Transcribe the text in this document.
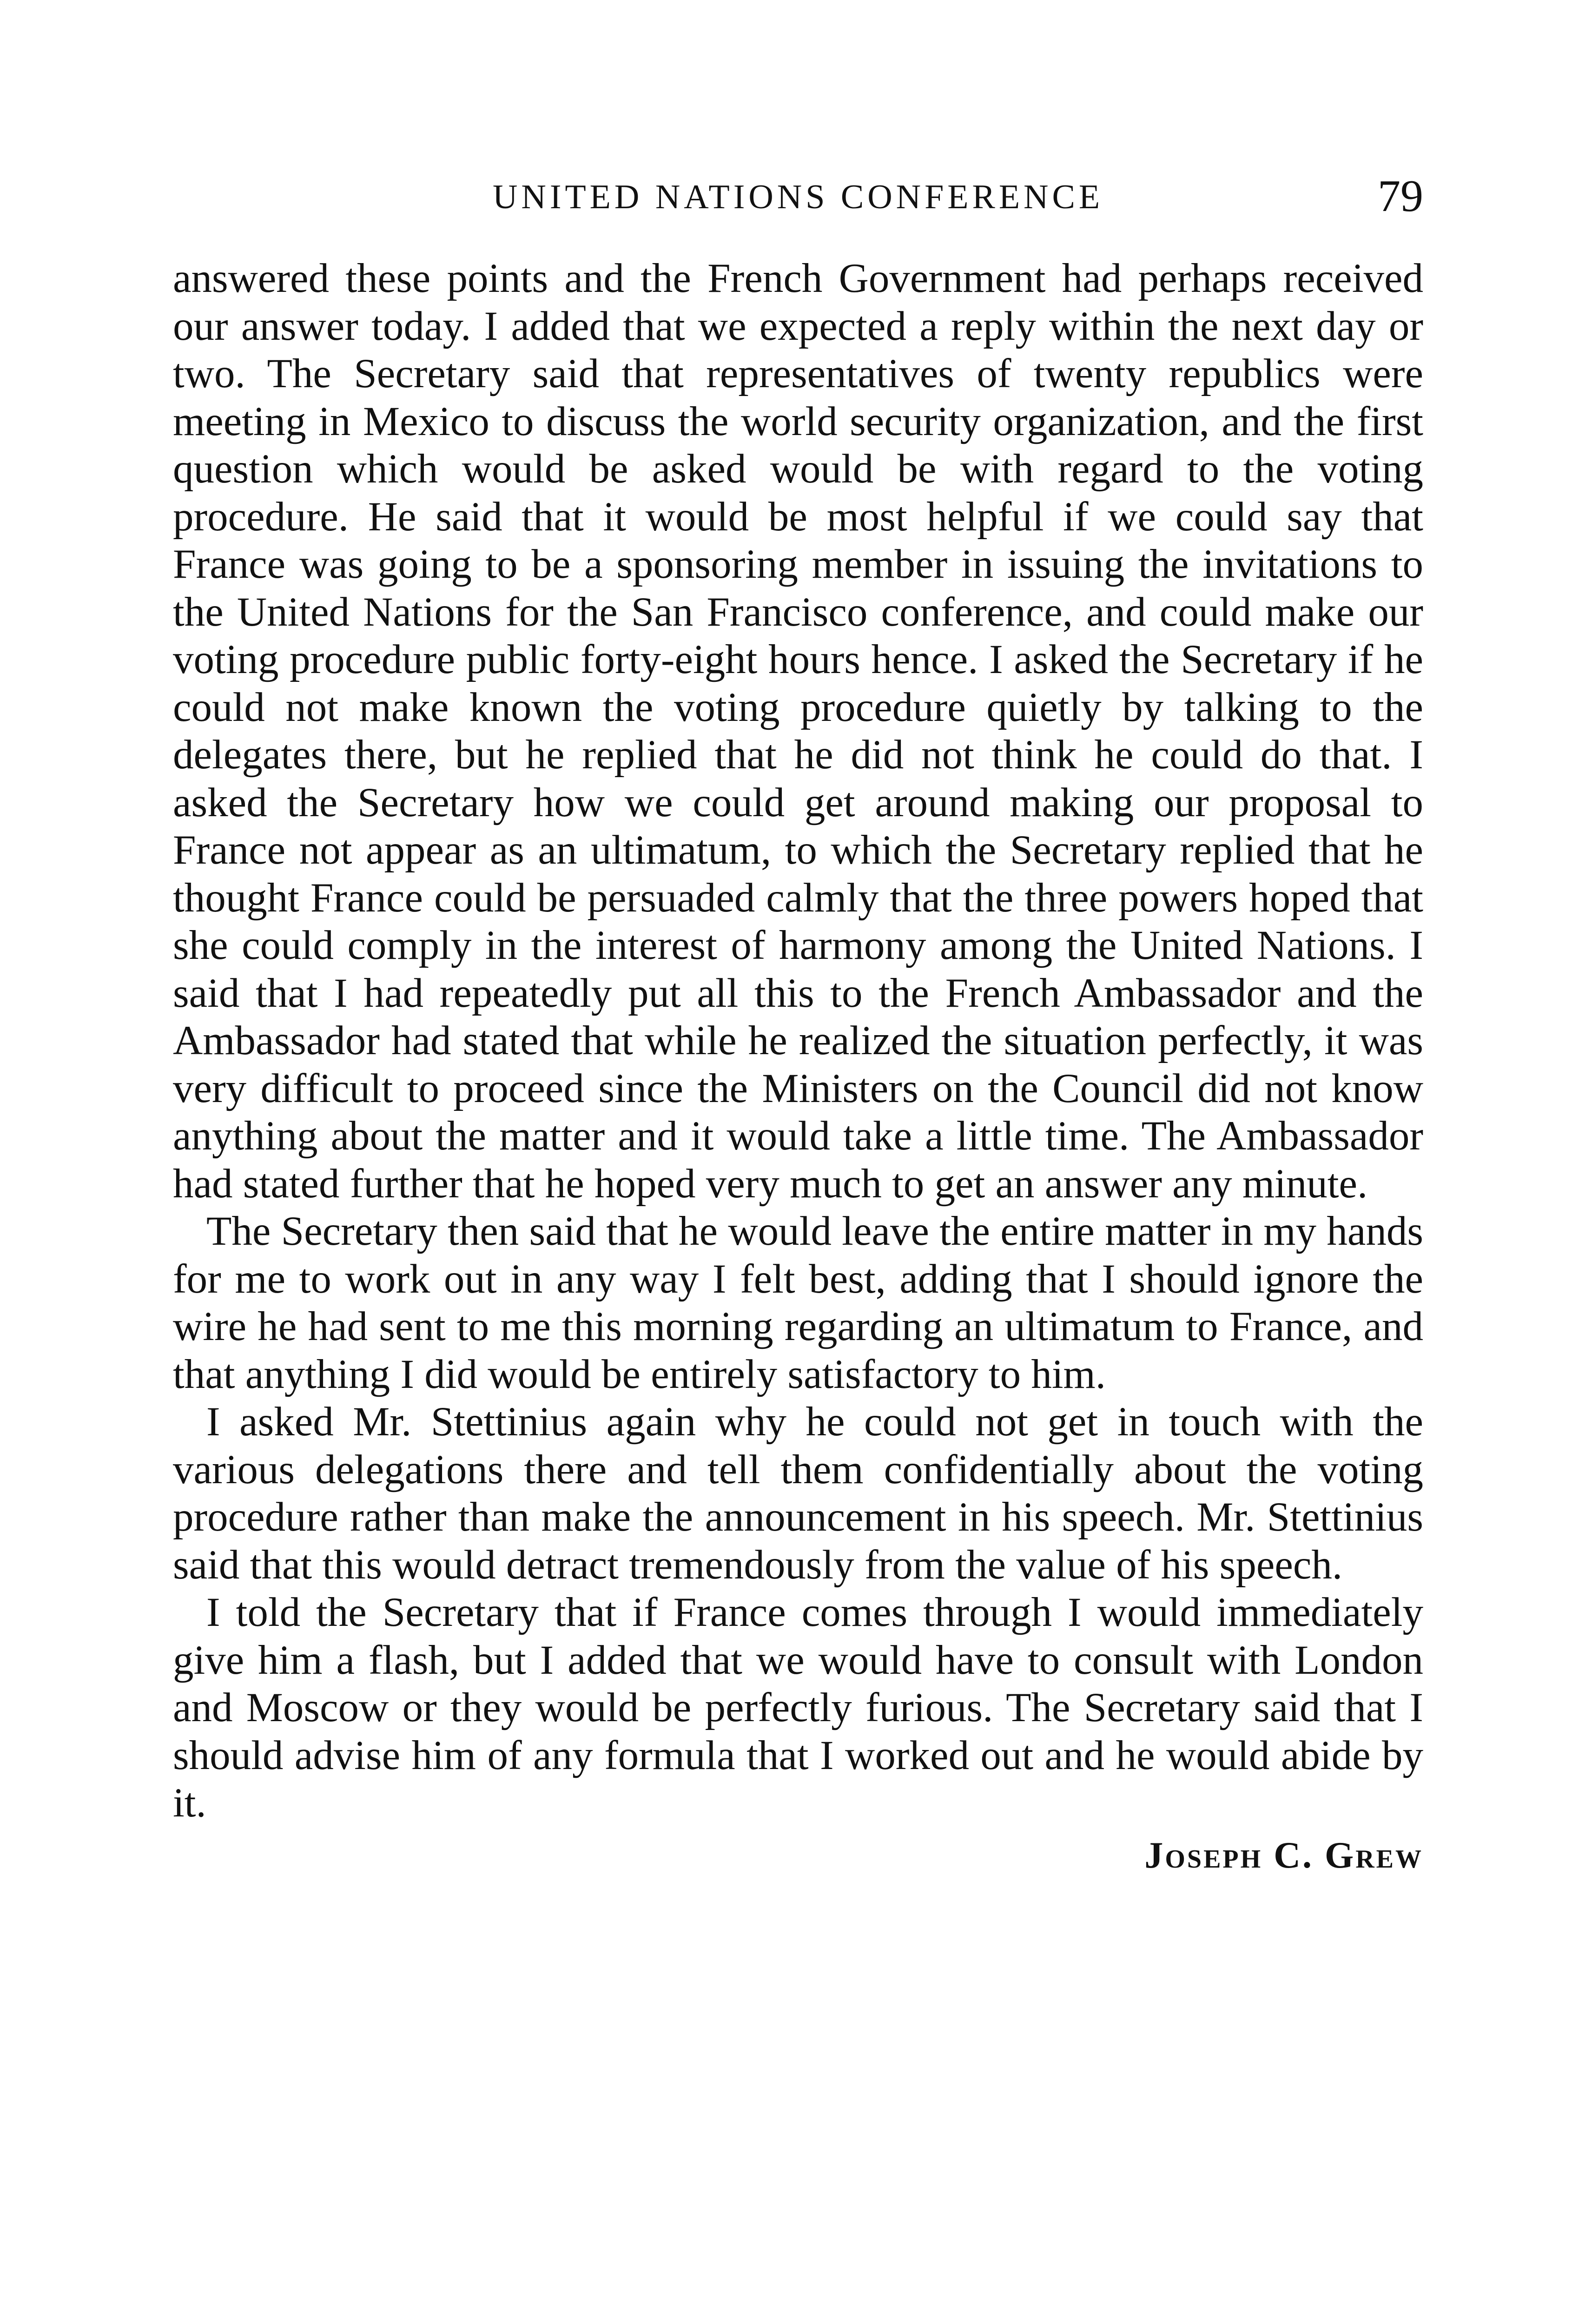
UNITED NATIONS CONFERENCE	79

answered these points and the French Government had perhaps received our answer today. I added that we expected a reply within the next day or two. The Secretary said that representatives of twenty republics were meeting in Mexico to discuss the world security organization, and the first question which would be asked would be with regard to the voting procedure. He said that it would be most helpful if we could say that France was going to be a sponsoring member in issuing the invitations to the United Nations for the San Francisco conference, and could make our voting procedure public forty-eight hours hence. I asked the Secretary if he could not make known the voting procedure quietly by talking to the delegates there, but he replied that he did not think he could do that. I asked the Secretary how we could get around making our proposal to France not appear as an ultimatum, to which the Secretary replied that he thought France could be persuaded calmly that the three powers hoped that she could comply in the interest of harmony among the United Nations. I said that I had repeatedly put all this to the French Ambassador and the Ambassador had stated that while he realized the situation perfectly, it was very difficult to proceed since the Ministers on the Council did not know anything about the matter and it would take a little time. The Ambassador had stated further that he hoped very much to get an answer any minute.

The Secretary then said that he would leave the entire matter in my hands for me to work out in any way I felt best, adding that I should ignore the wire he had sent to me this morning regarding an ultimatum to France, and that anything I did would be entirely satisfactory to him.

I asked Mr. Stettinius again why he could not get in touch with the various delegations there and tell them confidentially about the voting procedure rather than make the announcement in his speech. Mr. Stettinius said that this would detract tremendously from the value of his speech.

I told the Secretary that if France comes through I would immediately give him a flash, but I added that we would have to consult with London and Moscow or they would be perfectly furious. The Secretary said that I should advise him of any formula that I worked out and he would abide by it.

Joseph C. Grew
